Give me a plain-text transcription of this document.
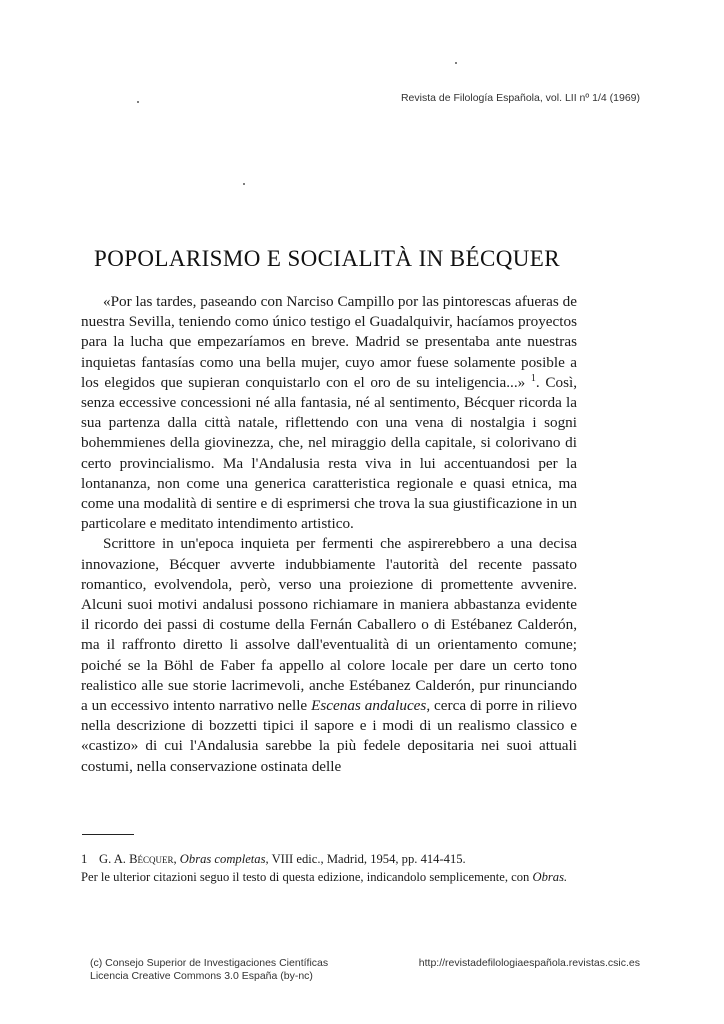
Revista de Filología Española, vol. LII nº 1/4 (1969)
POPOLARISMO E SOCIALITÀ IN BÉCQUER

«Por las tardes, paseando con Narciso Campillo por las pintorescas afueras de nuestra Sevilla, teniendo como único testigo el Guadalquivir, hacíamos proyectos para la lucha que empezaríamos en breve. Madrid se presentaba ante nuestras inquietas fantasías como una bella mujer, cuyo amor fuese solamente posible a los elegidos que supieran conquistarlo con el oro de su inteligencia...» $^1$. Così, senza eccessive concessioni né alla fantasia, né al sentimento, Bécquer ricorda la sua partenza dalla città natale, riflettendo con una vena di nostalgia i sogni bohemmienes della giovinezza, che, nel miraggio della capitale, si colorivano di certo provincialismo. Ma l'Andalusia resta viva in lui accentuandosi per la lontananza, non come una generica caratteristica regionale e quasi etnica, ma come una modalità di sentire e di esprimersi che trova la sua giustificazione in un particolare e meditato intendimento artistico.

Scrittore in un'epoca inquieta per fermenti che aspirerebbero a una decisa innovazione, Bécquer avverte indubbiamente l'autorità del recente passato romantico, evolvendola, però, verso una proiezione di promettente avvenire. Alcuni suoi motivi andalusi possono richiamare in maniera abbastanza evidente il ricordo dei passi di costume della Fernán Caballero o di Estébanez Calderón, ma il raffronto diretto li assolve dall'eventualità di un orientamento comune; poiché se la Böhl de Faber fa appello al colore locale per dare un certo tono realistico alle sue storie lacrimevoli, anche Estébanez Calderón, pur rinunciando a un eccessivo intento narrativo nelle Escenas andaluces, cerca di porre in rilievo nella descrizione di bozzetti tipici il sapore e i modi di un realismo classico e «castizo» di cui l'Andalusia sarebbe la più fedele depositaria nei suoi attuali costumi, nella conservazione ostinata delle

1 G. A. Bécquer, Obras completas, VIII edic., Madrid, 1954, pp. 414-415.
Per le ulterior citazioni seguo il testo di questa edizione, indicandolo semplicemente, con Obras.
(c) Consejo Superior de Investigaciones Científicas
Licencia Creative Commons 3.0 España (by-nc)
http://revistadefilologiaespañola.revistas.csic.es
